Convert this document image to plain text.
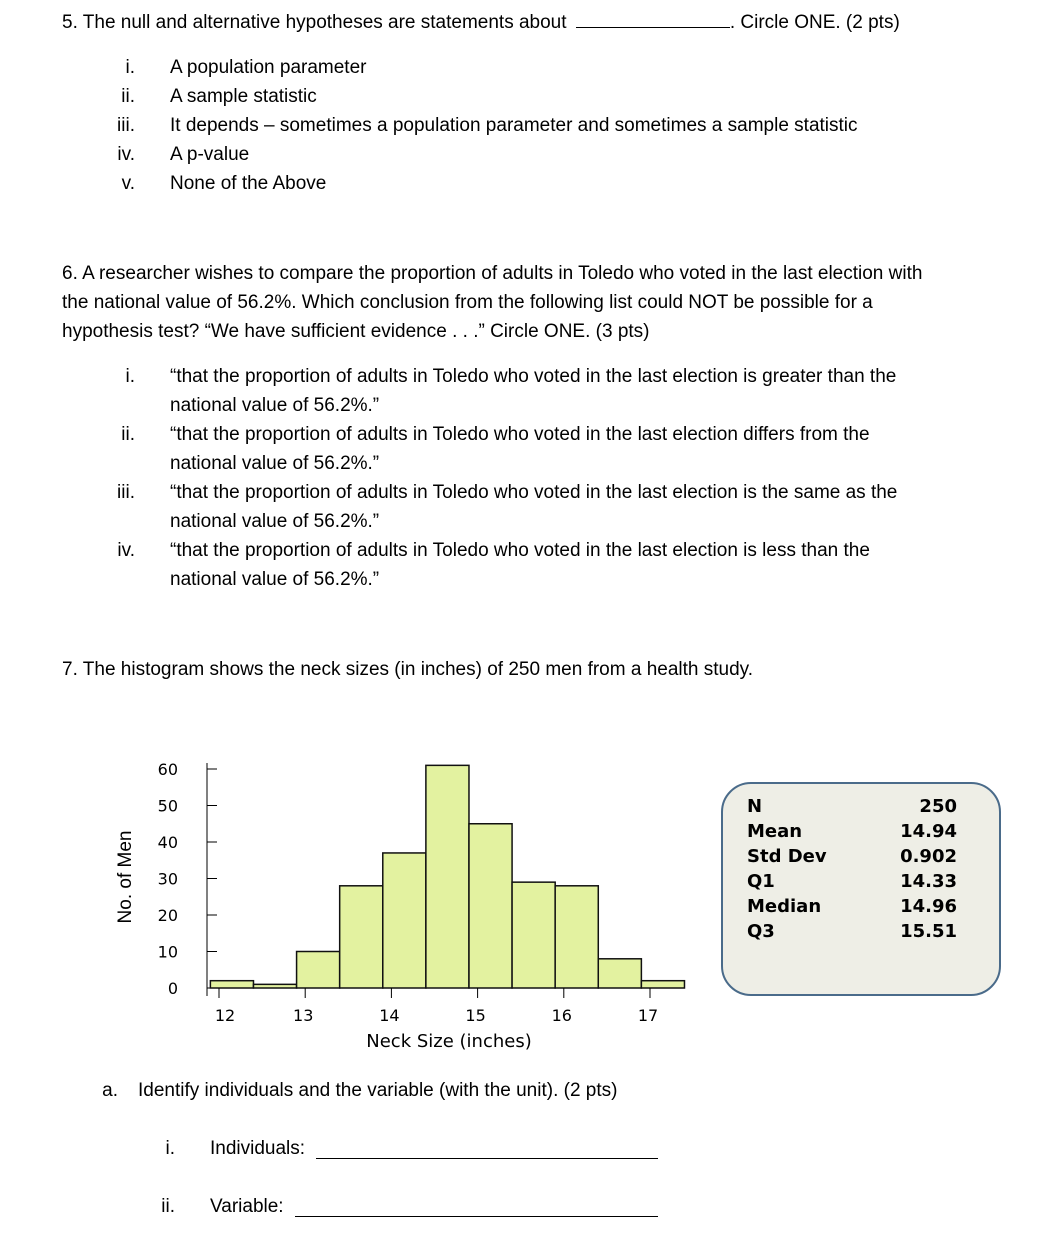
5. The null and alternative hypotheses are statements about	. Circle ONE. (2 pts)
i. A population parameter
ii. A sample statistic
iii. It depends – sometimes a population parameter and sometimes a sample statistic
iv. A p-value
v. None of the Above
6. A researcher wishes to compare the proportion of adults in Toledo who voted in the last election with
the national value of 56.2%. Which conclusion from the following list could NOT be possible for a
hypothesis test? “We have sufficient evidence . . .” Circle ONE. (3 pts)
i. “that the proportion of adults in Toledo who voted in the last election is greater than the
national value of 56.2%.”
ii. “that the proportion of adults in Toledo who voted in the last election differs from the
national value of 56.2%.”
iii. “that the proportion of adults in Toledo who voted in the last election is the same as the
national value of 56.2%.”
iv. “that the proportion of adults in Toledo who voted in the last election is less than the
national value of 56.2%.”
7. The histogram shows the neck sizes (in inches) of 250 men from a health study.
No. of Men
Neck Size (inches)
0
10
20
30
40
50
60
12	13	14	15	16	17
N	250
Mean	14.94
Std Dev	0.902
Q1	14.33
Median	14.96
Q3	15.51
a. Identify individuals and the variable (with the unit). (2 pts)
i. Individuals:
ii. Variable:
